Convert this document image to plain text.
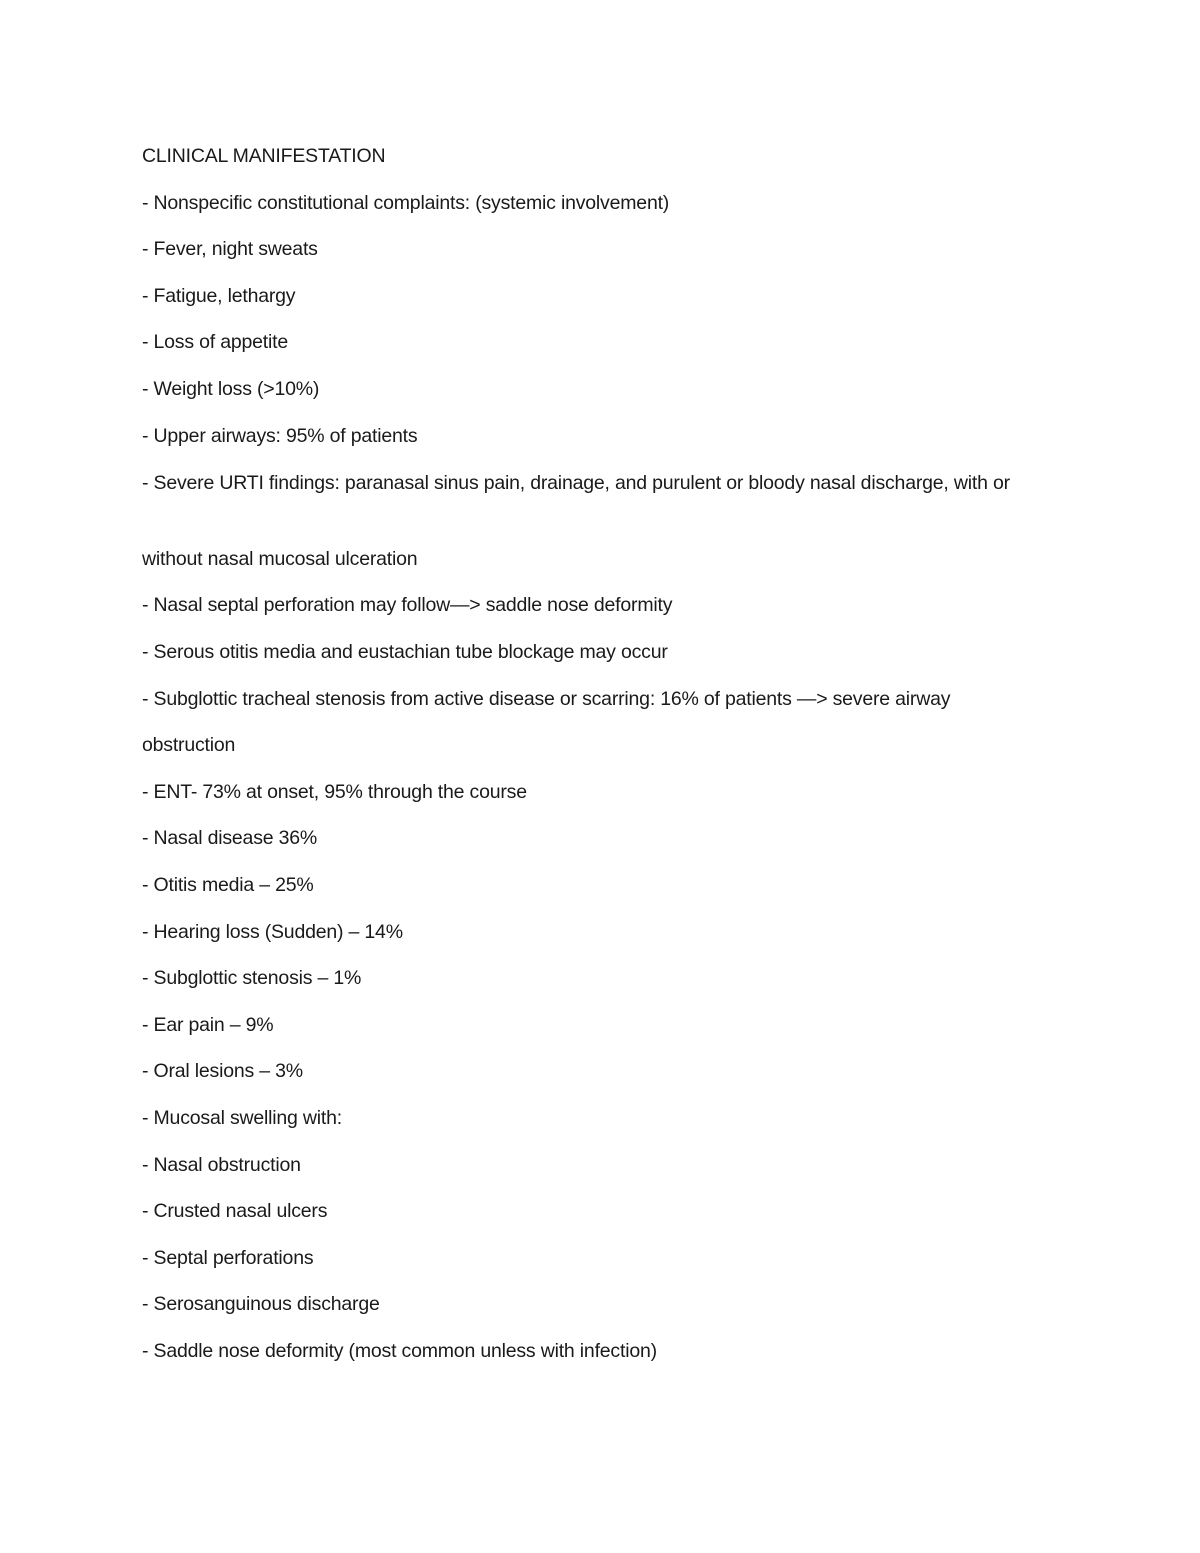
CLINICAL MANIFESTATION
- Nonspecific constitutional complaints: (systemic involvement)
- Fever, night sweats
- Fatigue, lethargy
- Loss of appetite
- Weight loss (>10%)
- Upper airways: 95% of patients
- Severe URTI findings: paranasal sinus pain, drainage, and purulent or bloody nasal discharge, with or
without nasal mucosal ulceration
- Nasal septal perforation may follow—> saddle nose deformity
- Serous otitis media and eustachian tube blockage may occur
- Subglottic tracheal stenosis from active disease or scarring: 16% of patients —> severe airway
obstruction
- ENT- 73% at onset, 95% through the course
- Nasal disease 36%
- Otitis media – 25%
- Hearing loss (Sudden) – 14%
- Subglottic stenosis – 1%
- Ear pain – 9%
- Oral lesions – 3%
- Mucosal swelling with:
- Nasal obstruction
- Crusted nasal ulcers
- Septal perforations
- Serosanguinous discharge
- Saddle nose deformity (most common unless with infection)
